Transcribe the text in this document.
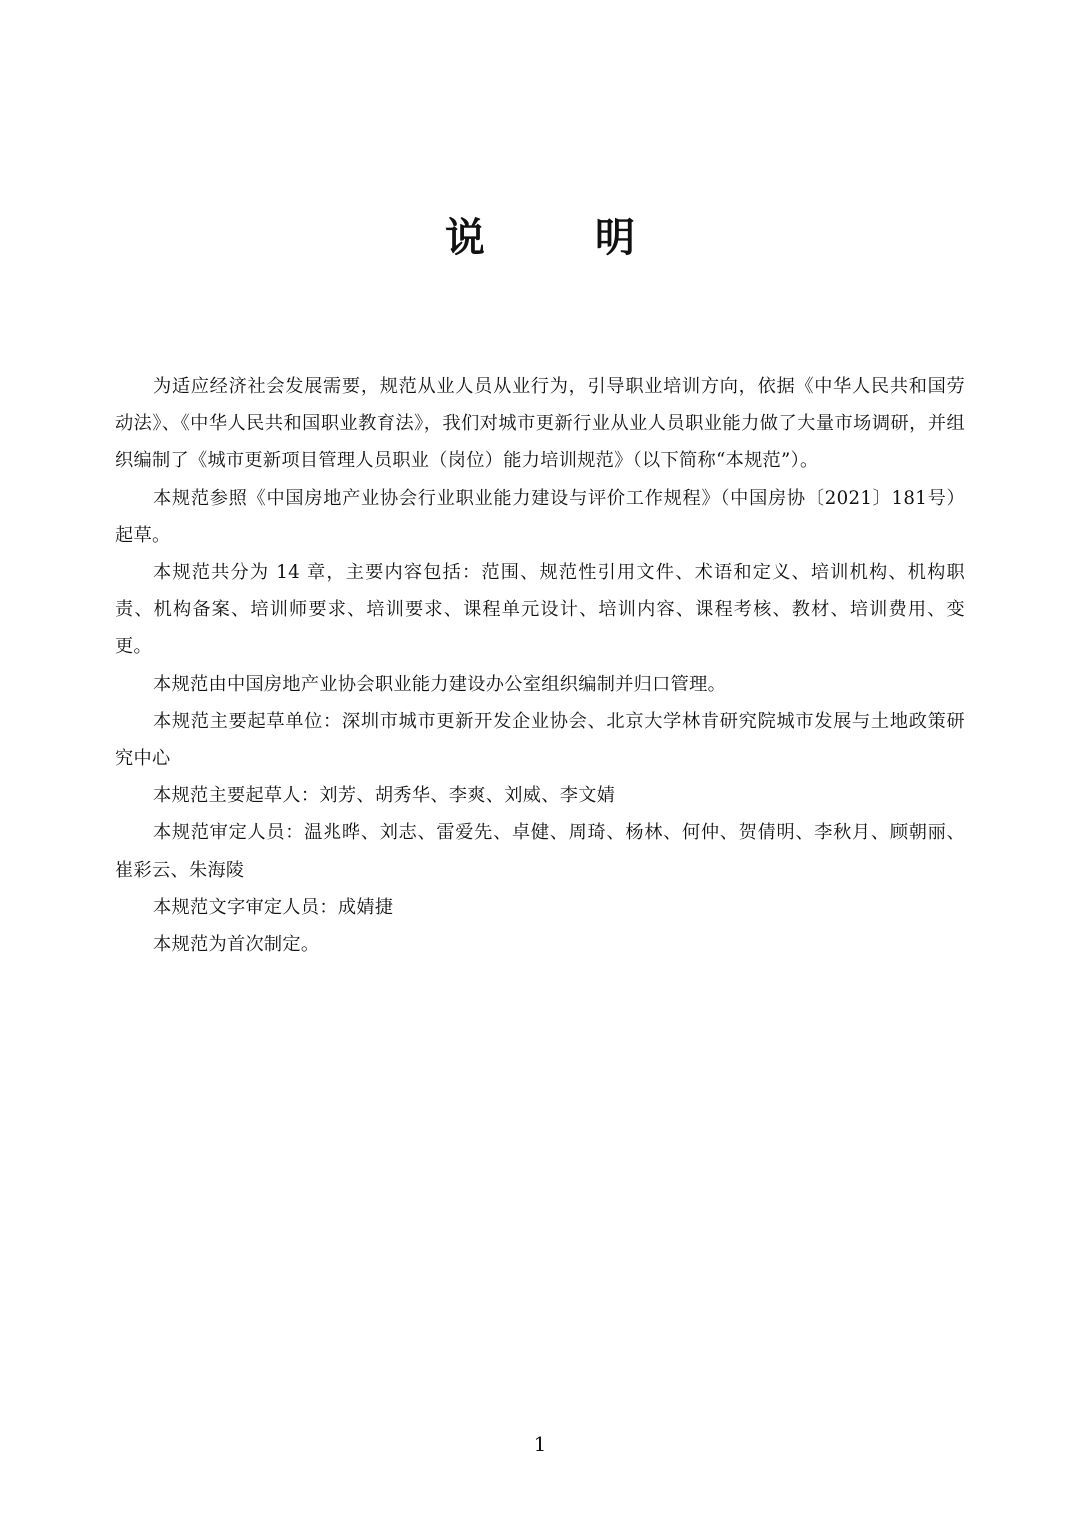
说 明

为适应经济社会发展需要，规范从业人员从业行为，引导职业培训方向，依据《中华人民共和国劳动法》、《中华人民共和国职业教育法》，我们对城市更新行业从业人员职业能力做了大量市场调研，并组织编制了《城市更新项目管理人员职业（岗位）能力培训规范》（以下简称“本规范”）。

本规范参照《中国房地产业协会行业职业能力建设与评价工作规程》（中国房协〔2021〕181号）起草。

本规范共分为 14 章，主要内容包括：范围、规范性引用文件、术语和定义、培训机构、机构职责、机构备案、培训师要求、培训要求、课程单元设计、培训内容、课程考核、教材、培训费用、变更。

本规范由中国房地产业协会职业能力建设办公室组织编制并归口管理。

本规范主要起草单位：深圳市城市更新开发企业协会、北京大学林肯研究院城市发展与土地政策研究中心

本规范主要起草人：刘芳、胡秀华、李爽、刘威、李文婧

本规范审定人员：温兆晔、刘志、雷爱先、卓健、周琦、杨林、何仲、贺倩明、李秋月、顾朝丽、崔彩云、朱海陵

本规范文字审定人员：成婧捷

本规范为首次制定。

1
